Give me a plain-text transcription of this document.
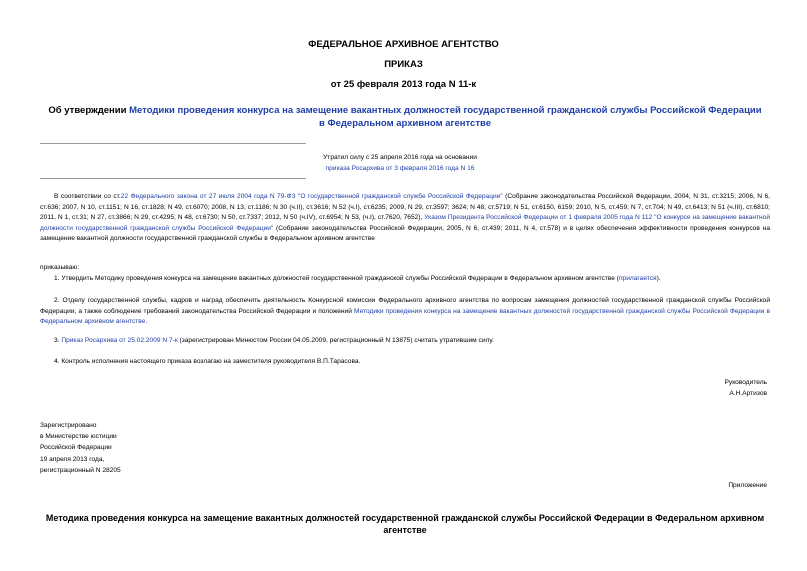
ФЕДЕРАЛЬНОЕ АРХИВНОЕ АГЕНТСТВО
ПРИКАЗ
от 25 февраля 2013 года N 11-к
Об утверждении Методики проведения конкурса на замещение вакантных должностей государственной гражданской службы Российской Федерации в Федеральном архивном агентстве
Утратил силу с 25 апреля 2016 года на основании
приказа Росархива от 3 февраля 2016 года N 16
В соответствии со ст.22 Федерального закона от 27 июля 2004 года N 79-ФЗ "О государственной гражданской службе Российской Федерации" (Собрание законодательства Российской Федерации, 2004, N 31, ст.3215; 2006, N 6, ст.636; 2007, N 10, ст.1151; N 16, ст.1828; N 49, ст.6070; 2008, N 13, ст.1186; N 30 (ч.II), ст.3616; N 52 (ч.I), ст.6235; 2009, N 29, ст.3597; 3624; N 48, ст.5719; N 51, ст.6150, 6159; 2010, N 5, ст.459; N 7, ст.704; N 49, ст.6413; N 51 (ч.III), ст.6810; 2011, N 1, ст.31; N 27, ст.3866; N 29, ст.4295; N 48, ст.6730; N 50, ст.7337; 2012, N 50 (ч.IV), ст.6954; N 53, (ч.I), ст.7620, 7652), Указом Президента Российской Федерации от 1 февраля 2005 года N 112 "О конкурсе на замещение вакантной должности государственной гражданской службы Российской Федерации" (Собрание законодательства Российской Федерации, 2005, N 6, ст.439; 2011, N 4, ст.578) и в целях обеспечения эффективности проведения конкурсов на замещение вакантной должности государственной гражданской службы в Федеральном архивном агентстве
приказываю:
1. Утвердить Методику проведения конкурса на замещение вакантных должностей государственной гражданской службы Российской Федерации в Федеральном архивном агентстве (прилагается).
2. Отделу государственной службы, кадров и наград обеспечить деятельность Конкурсной комиссии Федерального архивного агентства по вопросам замещения должностей государственной гражданской службы Российской Федерации, а также соблюдение требований законодательства Российской Федерации и положений Методики проведения конкурса на замещение вакантных должностей государственной гражданской службы Российской Федерации в Федеральном архивном агентстве.
3. Приказ Росархива от 25.02.2009 N 7-к (зарегистрирован Минюстом России 04.05.2009, регистрационный N 13875) считать утратившим силу.
4. Контроль исполнения настоящего приказа возлагаю на заместителя руководителя В.П.Тарасова.
Руководитель
А.Н.Артизов
Зарегистрировано
в Министерстве юстиции
Российской Федерации
19 апреля 2013 года,
регистрационный N 28205
Приложение
Методика проведения конкурса на замещение вакантных должностей государственной гражданской службы Российской Федерации в Федеральном архивном агентстве
